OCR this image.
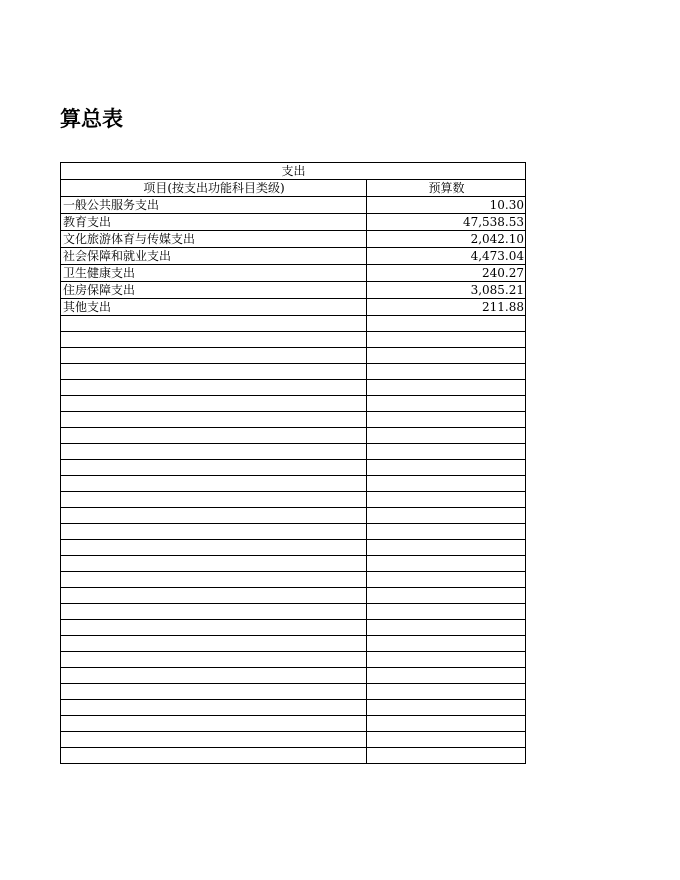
算总表
支出	
项目(按支出功能科目类级)	预算数
一般公共服务支出	10.30
教育支出	47,538.53
文化旅游体育与传媒支出	2,042.10
社会保障和就业支出	4,473.04
卫生健康支出	240.27
住房保障支出	3,085.21
其他支出	211.88
